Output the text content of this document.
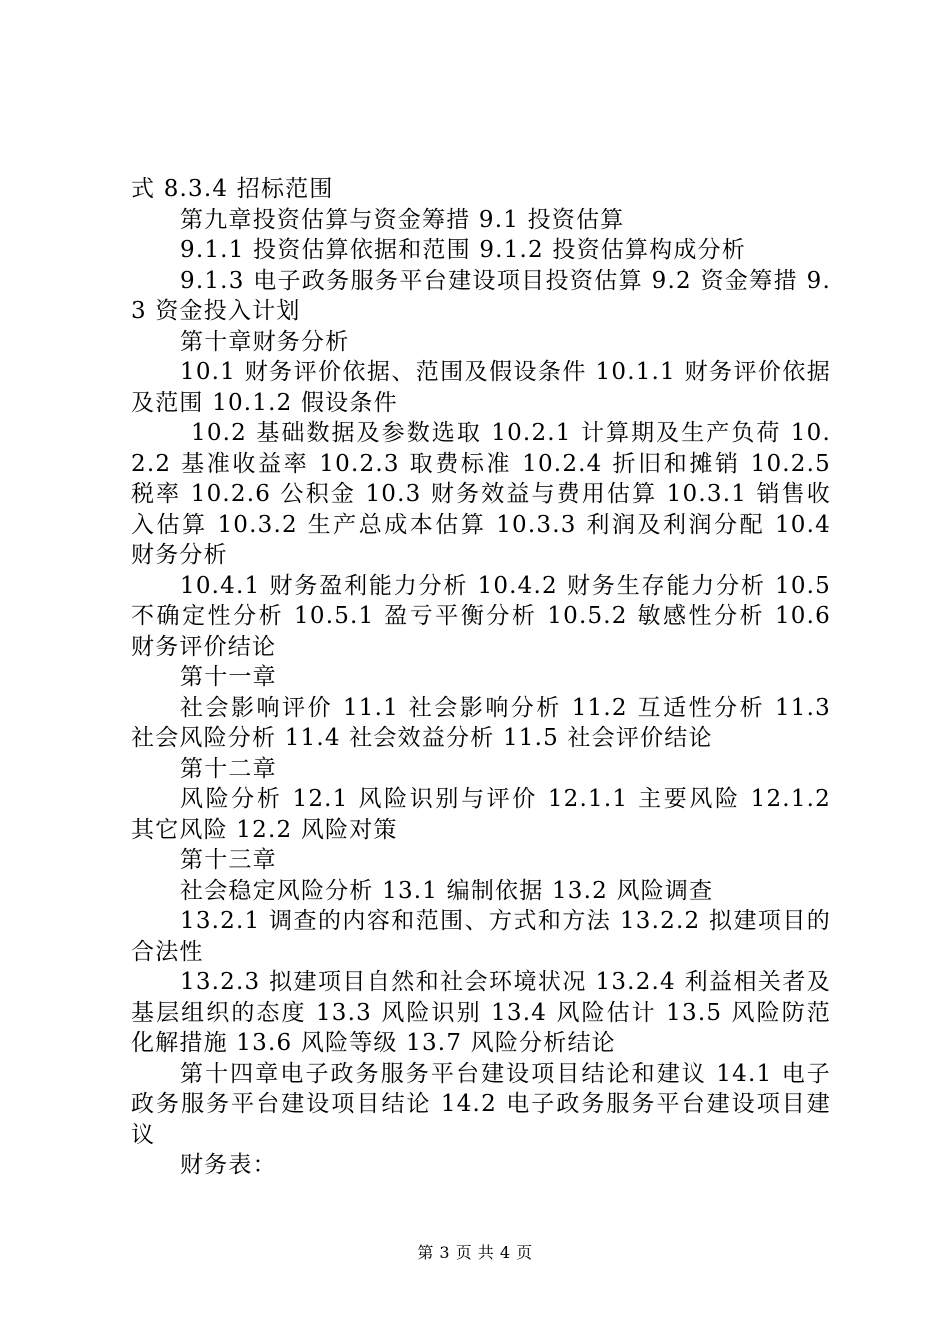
式 8.3.4 招标范围

第九章投资估算与资金筹措 9.1 投资估算

9.1.1 投资估算依据和范围 9.1.2 投资估算构成分析

9.1.3 电子政务服务平台建设项目投资估算 9.2 资金筹措 9.3 资金投入计划

第十章财务分析

10.1 财务评价依据、范围及假设条件 10.1.1 财务评价依据及范围 10.1.2 假设条件

10.2 基础数据及参数选取 10.2.1 计算期及生产负荷 10.2.2 基准收益率 10.2.3 取费标准 10.2.4 折旧和摊销 10.2.5 税率 10.2.6 公积金 10.3 财务效益与费用估算 10.3.1 销售收入估算 10.3.2 生产总成本估算 10.3.3 利润及利润分配 10.4 财务分析

10.4.1 财务盈利能力分析 10.4.2 财务生存能力分析 10.5 不确定性分析 10.5.1 盈亏平衡分析 10.5.2 敏感性分析 10.6 财务评价结论

第十一章

社会影响评价 11.1 社会影响分析 11.2 互适性分析 11.3 社会风险分析 11.4 社会效益分析 11.5 社会评价结论

第十二章

风险分析 12.1 风险识别与评价 12.1.1 主要风险 12.1.2 其它风险 12.2 风险对策

第十三章

社会稳定风险分析 13.1 编制依据 13.2 风险调查

13.2.1 调查的内容和范围、方式和方法 13.2.2 拟建项目的合法性

13.2.3 拟建项目自然和社会环境状况 13.2.4 利益相关者及基层组织的态度 13.3 风险识别 13.4 风险估计 13.5 风险防范化解措施 13.6 风险等级 13.7 风险分析结论

第十四章电子政务服务平台建设项目结论和建议 14.1 电子政务服务平台建设项目结论 14.2 电子政务服务平台建设项目建议

财务表：

第 3 页 共 4 页
